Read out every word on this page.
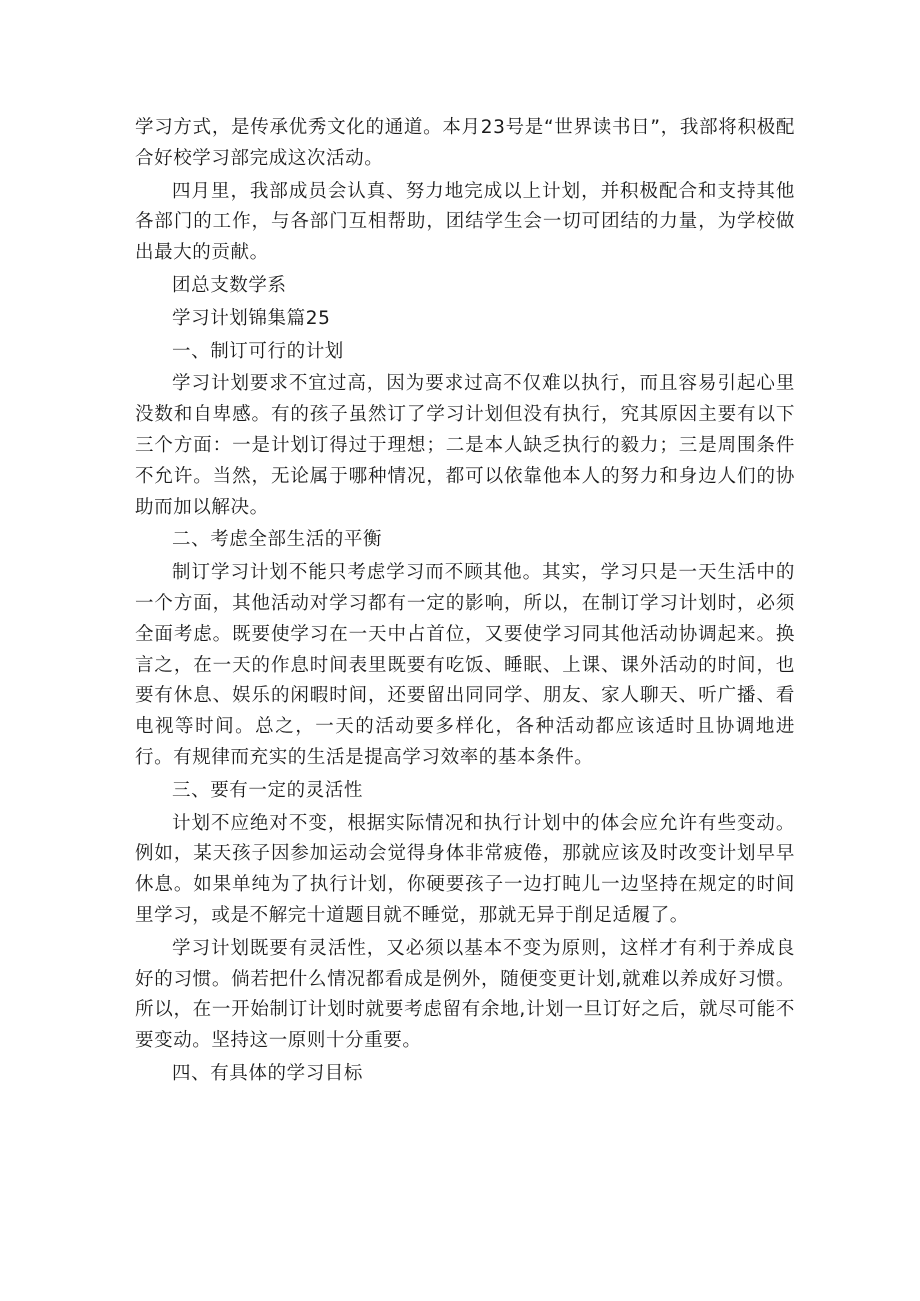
学习方式，是传承优秀文化的通道。本月23号是“世界读书日”，我部将积极配合好校学习部完成这次活动。

四月里，我部成员会认真、努力地完成以上计划，并积极配合和支持其他各部门的工作，与各部门互相帮助，团结学生会一切可团结的力量，为学校做出最大的贡献。

团总支数学系

学习计划锦集篇25

一、制订可行的计划

学习计划要求不宜过高，因为要求过高不仅难以执行，而且容易引起心里没数和自卑感。有的孩子虽然订了学习计划但没有执行，究其原因主要有以下三个方面：一是计划订得过于理想；二是本人缺乏执行的毅力；三是周围条件不允许。当然，无论属于哪种情况，都可以依靠他本人的努力和身边人们的协助而加以解决。

二、考虑全部生活的平衡

制订学习计划不能只考虑学习而不顾其他。其实，学习只是一天生活中的一个方面，其他活动对学习都有一定的影响，所以，在制订学习计划时，必须全面考虑。既要使学习在一天中占首位，又要使学习同其他活动协调起来。换言之，在一天的作息时间表里既要有吃饭、睡眠、上课、课外活动的时间，也要有休息、娱乐的闲暇时间，还要留出同同学、朋友、家人聊天、听广播、看电视等时间。总之，一天的活动要多样化，各种活动都应该适时且协调地进行。有规律而充实的生活是提高学习效率的基本条件。

三、要有一定的灵活性

计划不应绝对不变，根据实际情况和执行计划中的体会应允许有些变动。例如，某天孩子因参加运动会觉得身体非常疲倦，那就应该及时改变计划早早休息。如果单纯为了执行计划，你硬要孩子一边打盹儿一边坚持在规定的时间里学习，或是不解完十道题目就不睡觉，那就无异于削足适履了。

学习计划既要有灵活性，又必须以基本不变为原则，这样才有利于养成良好的习惯。倘若把什么情况都看成是例外，随便变更计划,就难以养成好习惯。所以，在一开始制订计划时就要考虑留有余地,计划一旦订好之后，就尽可能不要变动。坚持这一原则十分重要。

四、有具体的学习目标
